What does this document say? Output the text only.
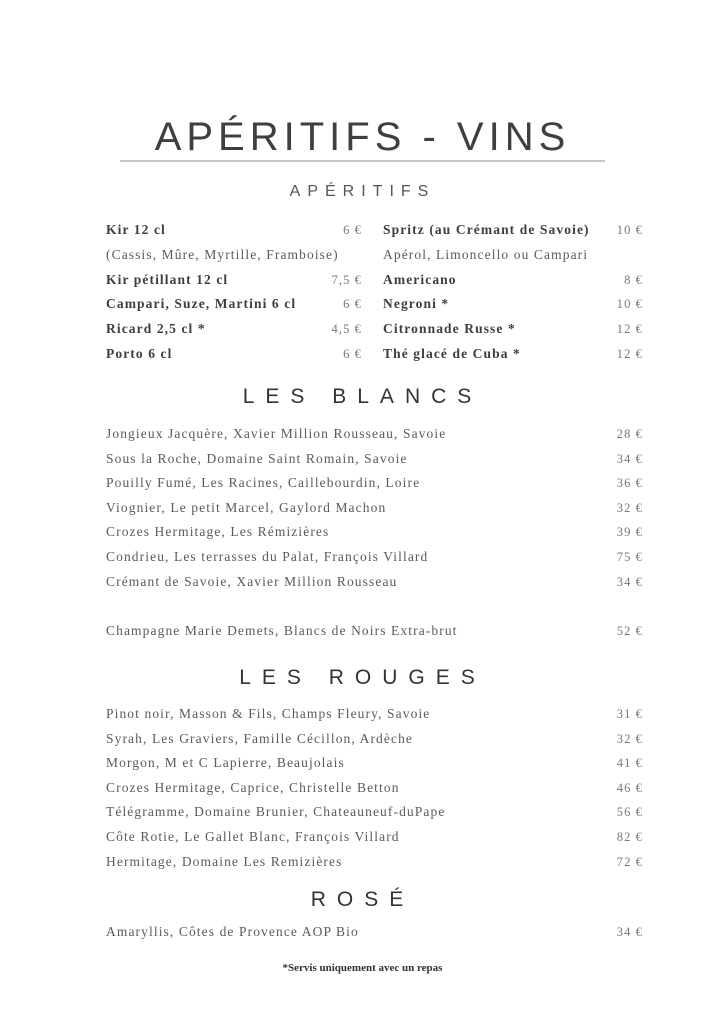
APÉRITIFS - VINS
APÉRITIFS
LES BLANCS
LES ROUGES
ROSÉ
*Servis uniquement avec un repas
Kir 12 cl	6 €
(Cassis, Mûre, Myrtille, Framboise)
Kir pétillant 12 cl	7,5 €
Campari, Suze, Martini 6 cl	6 €
Ricard 2,5 cl *	4,5 €
Porto 6 cl	6 €
Spritz (au Crémant de Savoie) 10 €
Apérol, Limoncello ou Campari
Americano	8 €
Negroni *	10 €
Citronnade Russe *	12 €
Thé glacé de Cuba *	12 €
Jongieux Jacquère, Xavier Million Rousseau, Savoie	28 €
Sous la Roche, Domaine Saint Romain, Savoie	34 €
Pouilly Fumé, Les Racines, Caillebourdin, Loire	36 €
Viognier, Le petit Marcel, Gaylord Machon	32 €
Crozes Hermitage, Les Rémizières	39 €
Condrieu, Les terrasses du Palat, François Villard	75 €
Crémant de Savoie, Xavier Million Rousseau	34 €
Champagne Marie Demets, Blancs de Noirs Extra-brut	52 €
Pinot noir, Masson & Fils, Champs Fleury, Savoie	31 €
Syrah, Les Graviers, Famille Cécillon, Ardèche	32 €
Morgon, M et C Lapierre, Beaujolais	41 €
Crozes Hermitage, Caprice, Christelle Betton	46 €
Télégramme, Domaine Brunier, Chateauneuf-duPape	56 €
Côte Rotie, Le Gallet Blanc, François Villard	82 €
Hermitage, Domaine Les Remizières	72 €
Amaryllis, Côtes de Provence AOP Bio	34 €
